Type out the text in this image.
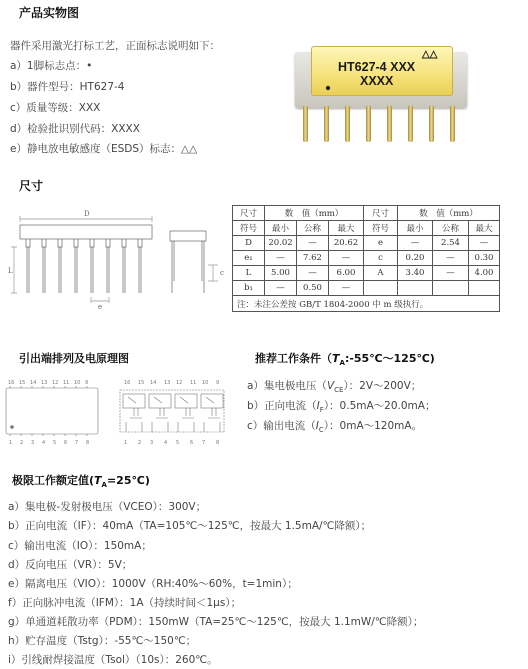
产品实物图
器件采用激光打标工艺，正面标志说明如下：
a）1脚标志点：•
b）器件型号：HT627-4
c）质量等级：XXX
d）检验批识别代码：XXXX
e）静电放电敏感度（ESDS）标志：△△
△△
HT627-4 XXX
XXXX
尺寸
D
L
e
c
尺寸	数　值（mm）			尺寸	数　值（mm）		
符号	最小	公称	最大	符号	最小	公称	最大
D	20.02	—	20.62	e	—	2.54	—
e₁	—	7.62	—	c	0.20	—	0.30
L	5.00	—	6.00	A	3.40	—	4.00
b₁	—	0.50	—				
注：未注公差按 GB/T 1804-2000 中 m 级执行。							
引出端排列及电原理图
16 15 14 13 12 11 10 9
1 2 3 4 5 6 7 8
16 15 14 13 12 11 10 9
1 2 3 4 5 6 7 8
推荐工作条件$(T_A:-55℃\sim 125℃)$
a）集电极电压$(V_{CE})$：2V～200V；
b）正向电流$(I_F)$：0.5mA～20.0mA；
c）输出电流$(I_C)$：0mA～120mA。
极限工作额定值$(T_A=25℃)$
a）集电极-发射极电压（VCEO）：300V；
b）正向电流（IF）：40mA（TA=105℃～125℃，按最大 1.5mA/℃降额）；
c）输出电流（IO）：150mA；
d）反向电压（VR）：5V；
e）隔离电压（VIO）：1000V（RH:40%～60%，t=1min）；
f）正向脉冲电流（IFM）：1A（持续时间＜1μs）；
g）单通道耗散功率（PDM）：150mW（TA=25℃～125℃，按最大 1.1mW/℃降额）；
h）贮存温度（Tstg）：-55℃～150℃；
i）引线耐焊接温度（Tsol）（10s）：260℃。
